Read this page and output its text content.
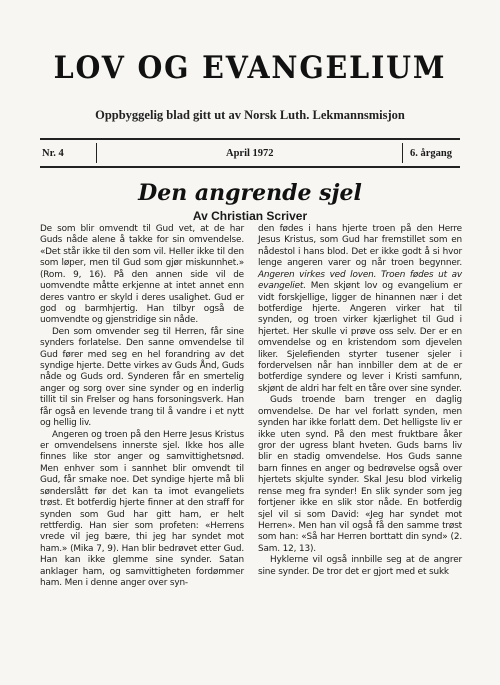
LOV OG EVANGELIUM
Oppbyggelig blad gitt ut av Norsk Luth. Lekmannsmisjon
Nr. 4	April 1972	6. årgang
Den angrende sjel
Av Christian Scriver

De som blir omvendt til Gud vet, at de har Guds nåde alene å takke for sin omvendelse. «Det står ikke til den som vil. Heller ikke til den som løper, men til Gud som gjør miskunnhet.» (Rom. 9, 16). På den annen side vil de uomvendte måtte erkjenne at intet annet enn deres vantro er skyld i deres usalighet. Gud er god og barmhjertig. Han tilbyr også de uomvendte og gjenstridige sin nåde.

Den som omvender seg til Herren, får sine synders forlatelse. Den sanne omvendelse til Gud fører med seg en hel forandring av det syndige hjerte. Dette virkes av Guds Ånd, Guds nåde og Guds ord. Synderen får en smertelig anger og sorg over sine synder og en inderlig tillit til sin Frelser og hans forsoningsverk. Han får også en levende trang til å vandre i et nytt og hellig liv.

Angeren og troen på den Herre Jesus Kristus er omvendelsens innerste sjel. Ikke hos alle finnes like stor anger og samvittighetsnød. Men enhver som i sannhet blir omvendt til Gud, får smake noe. Det syndige hjerte må bli sønderslått før det kan ta imot evangeliets trøst. Et botferdig hjerte finner at den straff for synden som Gud har gitt ham, er helt rettferdig. Han sier som profeten: «Herrens vrede vil jeg bære, thi jeg har syndet mot ham.» (Mika 7, 9). Han blir bedrøvet etter Gud. Han kan ikke glemme sine synder. Satan anklager ham, og samvittigheten fordømmer ham. Men i denne anger over syn-

den fødes i hans hjerte troen på den Herre Jesus Kristus, som Gud har fremstillet som en nådestol i hans blod. Det er ikke godt å si hvor lenge angeren varer og når troen begynner. Angeren virkes ved loven. Troen fødes ut av evangeliet. Men skjønt lov og evangelium er vidt forskjellige, ligger de hinannen nær i det botferdige hjerte. Angeren virker hat til synden, og troen virker kjærlighet til Gud i hjertet. Her skulle vi prøve oss selv. Der er en omvendelse og en kristendom som djevelen liker. Sjelefienden styrter tusener sjeler i fordervelsen når han innbiller dem at de er botferdige syndere og lever i Kristi samfunn, skjønt de aldri har felt en tåre over sine synder.

Guds troende barn trenger en daglig omvendelse. De har vel forlatt synden, men synden har ikke forlatt dem. Det helligste liv er ikke uten synd. På den mest fruktbare åker gror der ugress blant hveten. Guds barns liv blir en stadig omvendelse. Hos Guds sanne barn finnes en anger og bedrøvelse også over hjertets skjulte synder. Skal Jesu blod virkelig rense meg fra synder! En slik synder som jeg fortjener ikke en slik stor nåde. En botferdig sjel vil si som David: «Jeg har syndet mot Herren». Men han vil også få den samme trøst som han: «Så har Herren borttatt din synd» (2. Sam. 12, 13).

Hyklerne vil også innbille seg at de angrer sine synder. De tror det er gjort med et sukk
